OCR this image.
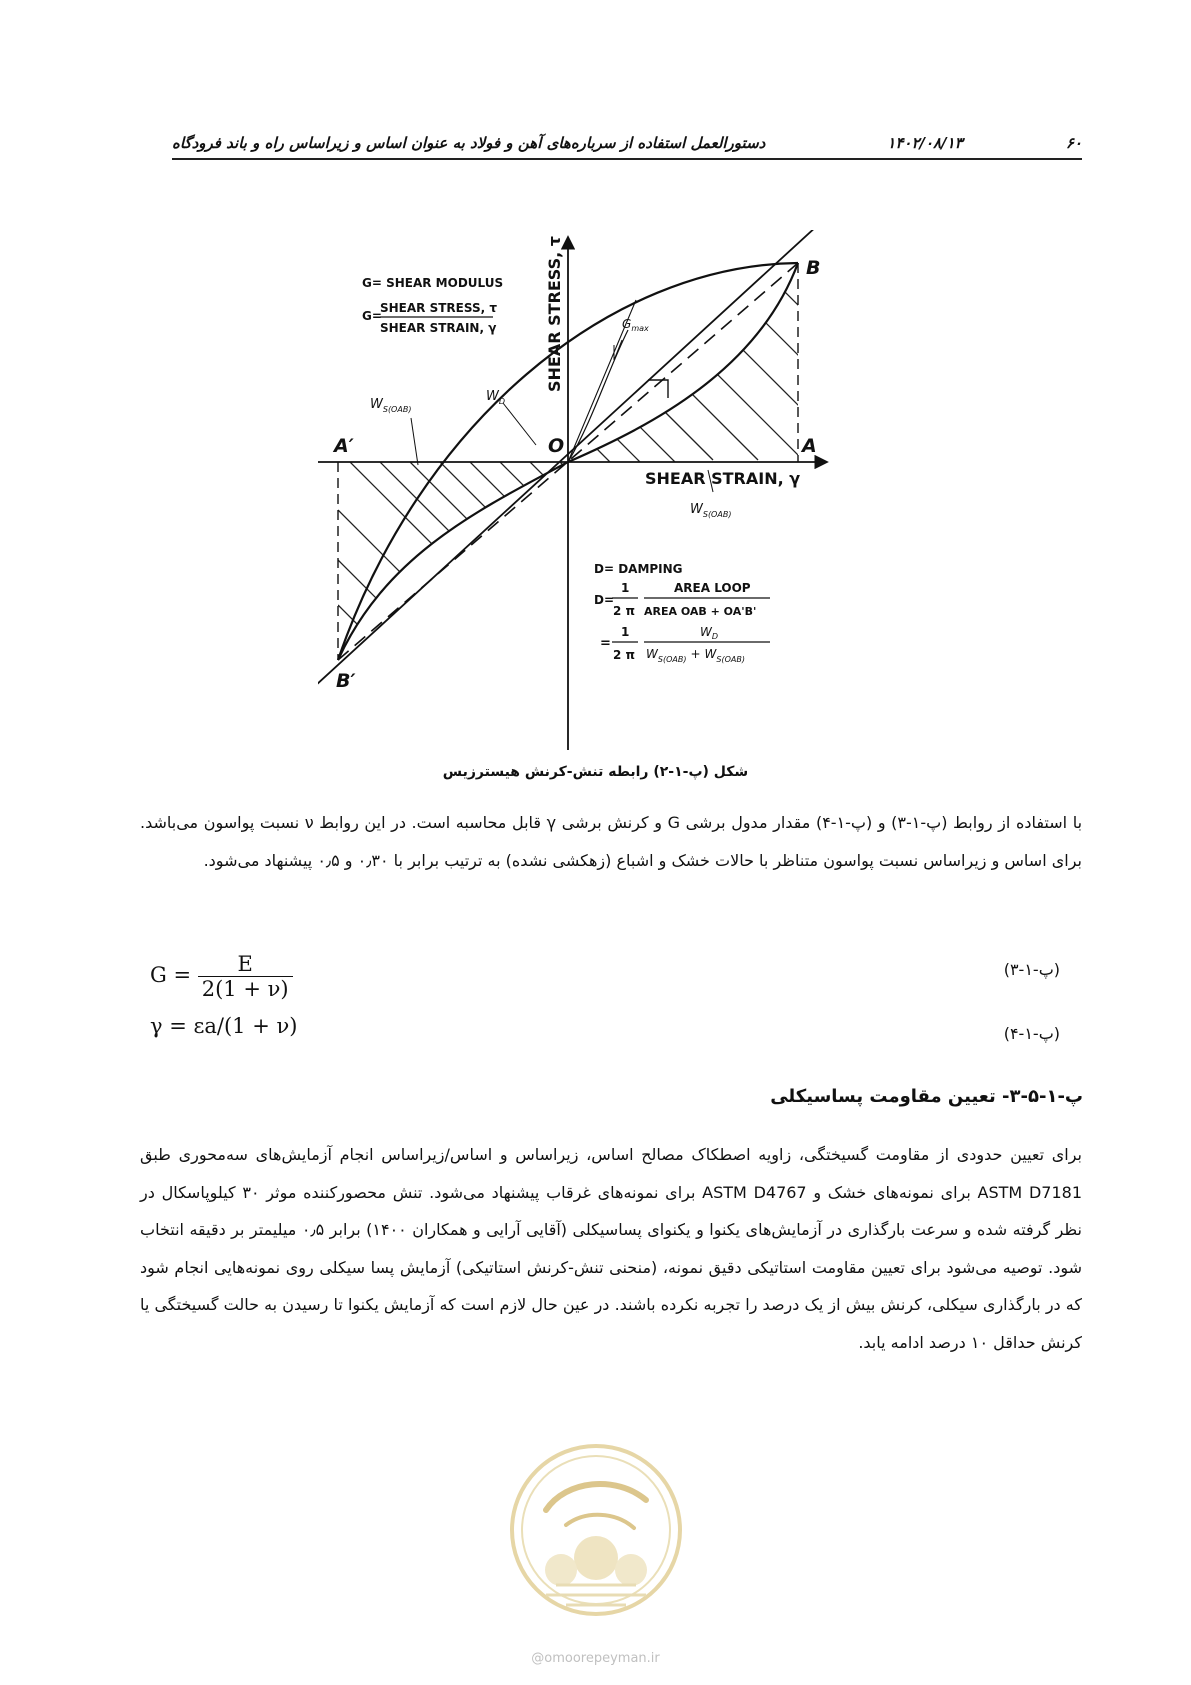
۶۰
۱۴۰۲/۰۸/۱۳
دستورالعمل استفاده از سرباره‌های آهن و فولاد به عنوان اساس و زیراساس راه و باند فرودگاه
SHEAR STRESS, τ
SHEAR STRAIN, γ
B
A
O
A′
B′
$G_{max}$
G= SHEAR MODULUS
G=
SHEAR STRESS, τ
SHEAR STRAIN, γ
$W_{S(OAB)}$
$W_D$
$W_{S(OAB)}$
D= DAMPING
D=
1
2 π
AREA LOOP
AREA OAB + OA'B'
=
1
2 π
$W_D$
$W_{S(OAB)} + W_{S(OAB)}$
شکل (پ-۱-۲) رابطه تنش-کرنش هیسترزیس

با استفاده از روابط (پ-۱-۳) و (پ-۱-۴) مقدار مدول برشی G و کرنش برشی γ قابل محاسبه است. در این روابط ν نسبت پواسون می‌باشد. برای اساس و زیراساس نسبت پواسون متناظر با حالات خشک و اشباع (زهکشی نشده) به ترتیب برابر با ۰٫۳۰ و ۰٫۵ پیشنهاد می‌شود.

$G = \frac{E}{2(1 + \nu)}$	(پ-۱-۳)
γ = εa/(1 + ν)	(پ-۱-۴)
پ-۱-۵-۳- تعیین مقاومت پساسیکلی

برای تعیین حدودی از مقاومت گسیختگی، زاویه اصطکاک مصالح اساس، زیراساس و اساس/زیراساس انجام آزمایش‌های سه‌محوری طبق ASTM D7181 برای نمونه‌های خشک و ASTM D4767 برای نمونه‌های غرقاب پیشنهاد می‌شود. تنش محصورکننده موثر ۳۰ کیلوپاسکال در نظر گرفته شده و سرعت بارگذاری در آزمایش‌های یکنوا و یکنوای پساسیکلی (آقایی آرایی و همکاران ۱۴۰۰) برابر ۰٫۵ میلیمتر بر دقیقه انتخاب شود. توصیه می‌شود برای تعیین مقاومت استاتیکی دقیق نمونه، (منحنی تنش-کرنش استاتیکی) آزمایش پسا سیکلی روی نمونه‌هایی انجام شود که در بارگذاری سیکلی، کرنش بیش از یک درصد را تجربه نکرده باشند. در عین حال لازم است که آزمایش یکنوا تا رسیدن به حالت گسیختگی یا کرنش حداقل ۱۰ درصد ادامه یابد.

@omoorepeyman.ir
